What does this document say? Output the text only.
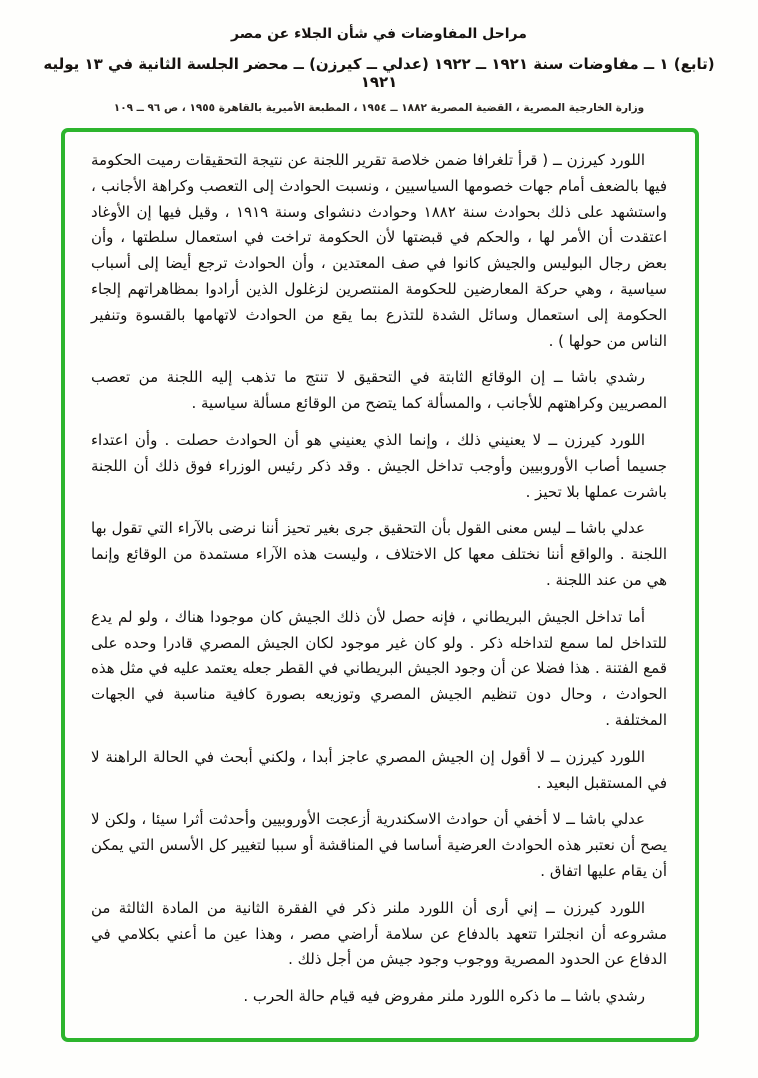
مراحل المفاوضات في شأن الجلاء عن مصر
(تابع) ١ ــ مفاوضات سنة ١٩٢١ ــ ١٩٢٢ (عدلي ــ كيرزن) ــ محضر الجلسة الثانية في ١٣ يوليه ١٩٢١
وزارة الخارجية المصرية ، القضية المصرية ١٨٨٢ ــ ١٩٥٤ ، المطبعة الأميرية بالقاهرة ١٩٥٥ ، ص ٩٦ ــ ١٠٩

اللورد كيرزن ــ ( قرأ تلغرافا ضمن خلاصة تقرير اللجنة عن نتيجة التحقيقات رميت الحكومة فيها بالضعف أمام جهات خصومها السياسيين ، ونسبت الحوادث إلى التعصب وكراهة الأجانب ، واستشهد على ذلك بحوادث سنة ١٨٨٢ وحوادث دنشواى وسنة ١٩١٩ ، وقيل فيها إن الأوغاد اعتقدت أن الأمر لها ، والحكم في قبضتها لأن الحكومة تراخت في استعمال سلطتها ، وأن بعض رجال البوليس والجيش كانوا في صف المعتدين ، وأن الحوادث ترجع أيضا إلى أسباب سياسية ، وهي حركة المعارضين للحكومة المنتصرين لزغلول الذين أرادوا بمظاهراتهم إلجاء الحكومة إلى استعمال وسائل الشدة للتذرع بما يقع من الحوادث لاتهامها بالقسوة وتنفير الناس من حولها ) .

رشدي باشا ــ إن الوقائع الثابتة في التحقيق لا تنتج ما تذهب إليه اللجنة من تعصب المصريين وكراهتهم للأجانب ، والمسألة كما يتضح من الوقائع مسألة سياسية .

اللورد كيرزن ــ لا يعنيني ذلك ، وإنما الذي يعنيني هو أن الحوادث حصلت . وأن اعتداء جسيما أصاب الأوروبيين وأوجب تداخل الجيش . وقد ذكر رئيس الوزراء فوق ذلك أن اللجنة باشرت عملها بلا تحيز .

عدلي باشا ــ ليس معنى القول بأن التحقيق جرى بغير تحيز أننا نرضى بالآراء التي تقول بها اللجنة . والواقع أننا نختلف معها كل الاختلاف ، وليست هذه الآراء مستمدة من الوقائع وإنما هي من عند اللجنة .

أما تداخل الجيش البريطاني ، فإنه حصل لأن ذلك الجيش كان موجودا هناك ، ولو لم يدع للتداخل لما سمع لتداخله ذكر . ولو كان غير موجود لكان الجيش المصري قادرا وحده على قمع الفتنة . هذا فضلا عن أن وجود الجيش البريطاني في القطر جعله يعتمد عليه في مثل هذه الحوادث ، وحال دون تنظيم الجيش المصري وتوزيعه بصورة كافية مناسبة في الجهات المختلفة .

اللورد كيرزن ــ لا أقول إن الجيش المصري عاجز أبدا ، ولكني أبحث في الحالة الراهنة لا في المستقبل البعيد .

عدلي باشا ــ لا أخفي أن حوادث الاسكندرية أزعجت الأوروبيين وأحدثت أثرا سيئا ، ولكن لا يصح أن نعتبر هذه الحوادث العرضية أساسا في المناقشة أو سببا لتغيير كل الأسس التي يمكن أن يقام عليها اتفاق .

اللورد كيرزن ــ إني أرى أن اللورد ملنر ذكر في الفقرة الثانية من المادة الثالثة من مشروعه أن انجلترا تتعهد بالدفاع عن سلامة أراضي مصر ، وهذا عين ما أعني بكلامي في الدفاع عن الحدود المصرية ووجوب وجود جيش من أجل ذلك .

رشدي باشا ــ ما ذكره اللورد ملنر مفروض فيه قيام حالة الحرب .
